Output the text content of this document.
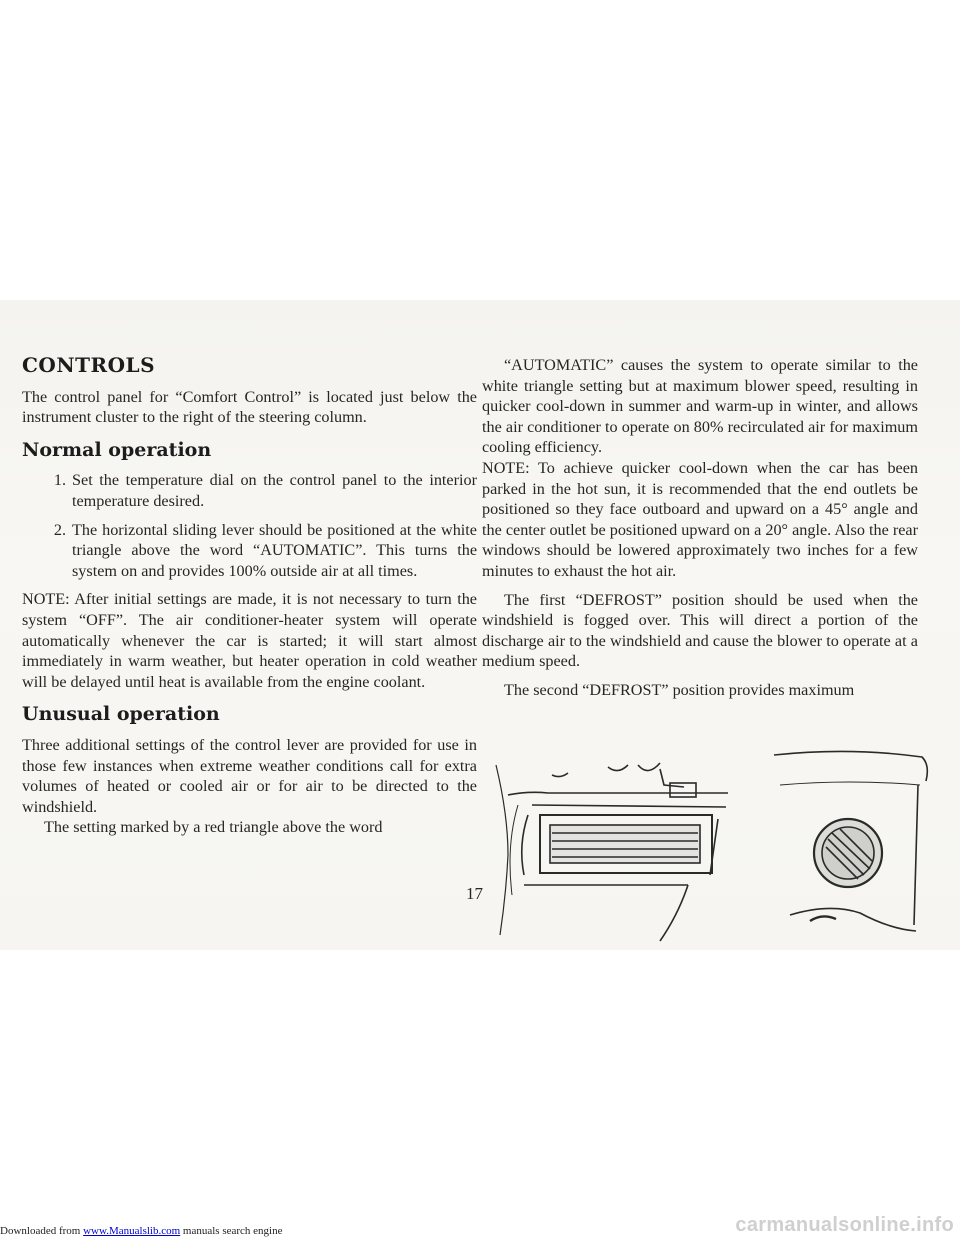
CONTROLS

The control panel for “Comfort Control” is located just below the instrument cluster to the right of the steering column.

Normal operation
1. Set the temperature dial on the control panel to the interior temperature desired.
2. The horizontal sliding lever should be positioned at the white triangle above the word “AUTOMATIC”. This turns the system on and provides 100% outside air at all times.

NOTE: After initial settings are made, it is not necessary to turn the system “OFF”. The air conditioner-heater system will operate automatically whenever the car is started; it will start almost immediately in warm weather, but heater operation in cold weather will be delayed until heat is available from the engine coolant.

Unusual operation

Three additional settings of the control lever are provided for use in those few instances when extreme weather conditions call for extra volumes of heated or cooled air or for air to be directed to the windshield.

The setting marked by a red triangle above the word

“AUTOMATIC” causes the system to operate similar to the white triangle setting but at maximum blower speed, resulting in quicker cool-down in summer and warm-up in winter, and allows the air conditioner to operate on 80% recirculated air for maximum cooling efficiency.

NOTE: To achieve quicker cool-down when the car has been parked in the hot sun, it is recommended that the end outlets be positioned so they face outboard and upward on a 45° angle and the center outlet be positioned upward on a 20° angle. Also the rear windows should be lowered approximately two inches for a few minutes to exhaust the hot air.

The first “DEFROST” position should be used when the windshield is fogged over. This will direct a portion of the discharge air to the windshield and cause the blower to operate at a medium speed.

The second “DEFROST” position provides maximum

17
Downloaded from www.Manualslib.com manuals search engine	carmanualsonline.info
